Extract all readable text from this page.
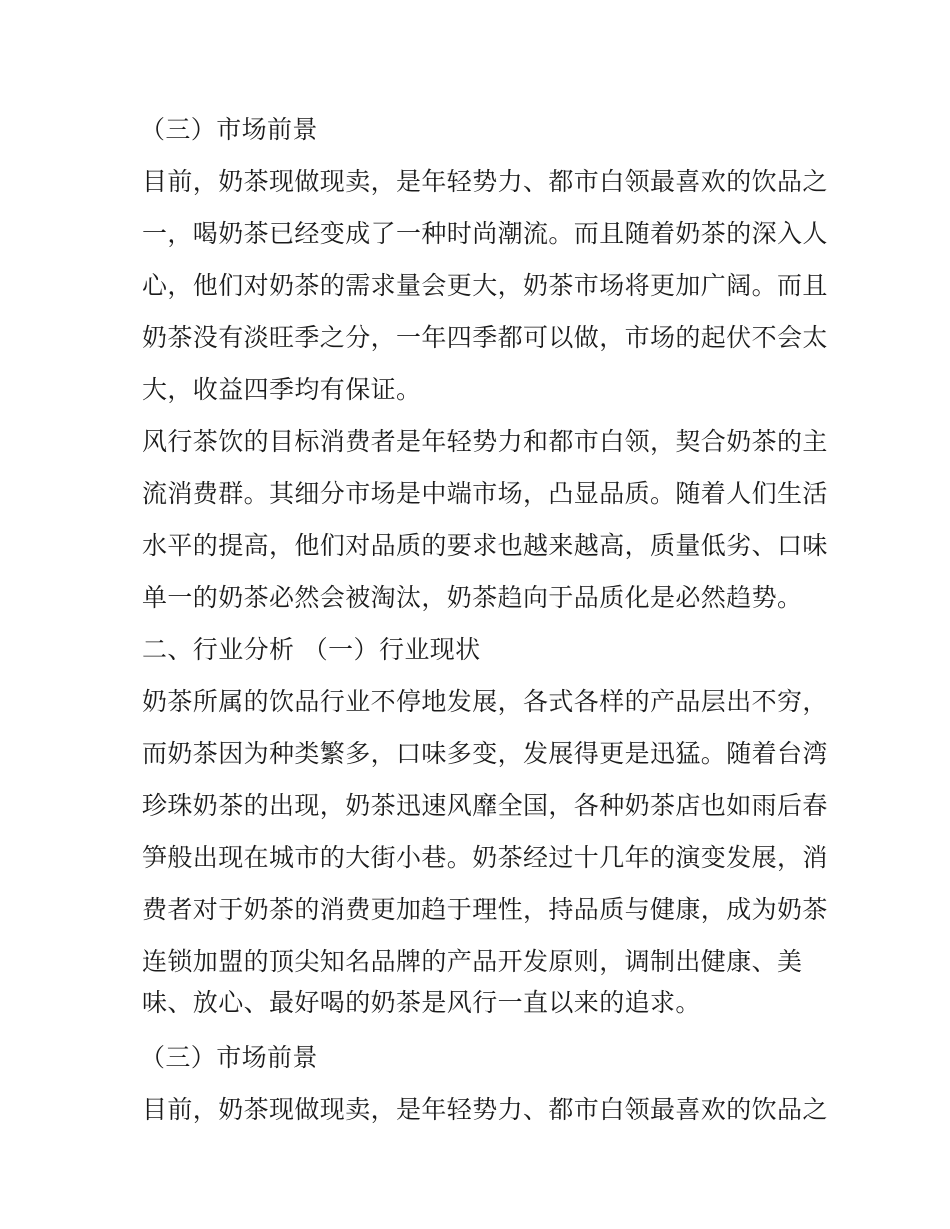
（三）市场前景
目前，奶茶现做现卖，是年轻势力、都市白领最喜欢的饮品之
一，喝奶茶已经变成了一种时尚潮流。而且随着奶茶的深入人
心，他们对奶茶的需求量会更大，奶茶市场将更加广阔。而且
奶茶没有淡旺季之分，一年四季都可以做，市场的起伏不会太
大，收益四季均有保证。
风行茶饮的目标消费者是年轻势力和都市白领，契合奶茶的主
流消费群。其细分市场是中端市场，凸显品质。随着人们生活
水平的提高，他们对品质的要求也越来越高，质量低劣、口味
单一的奶茶必然会被淘汰，奶茶趋向于品质化是必然趋势。
二、行业分析 （一）行业现状
奶茶所属的饮品行业不停地发展，各式各样的产品层出不穷，
而奶茶因为种类繁多，口味多变，发展得更是迅猛。随着台湾
珍珠奶茶的出现，奶茶迅速风靡全国，各种奶茶店也如雨后春
笋般出现在城市的大街小巷。奶茶经过十几年的演变发展，消
费者对于奶茶的消费更加趋于理性，持品质与健康，成为奶茶
连锁加盟的顶尖知名品牌的产品开发原则，调制出健康、美
味、放心、最好喝的奶茶是风行一直以来的追求。
（三）市场前景
目前，奶茶现做现卖，是年轻势力、都市白领最喜欢的饮品之
